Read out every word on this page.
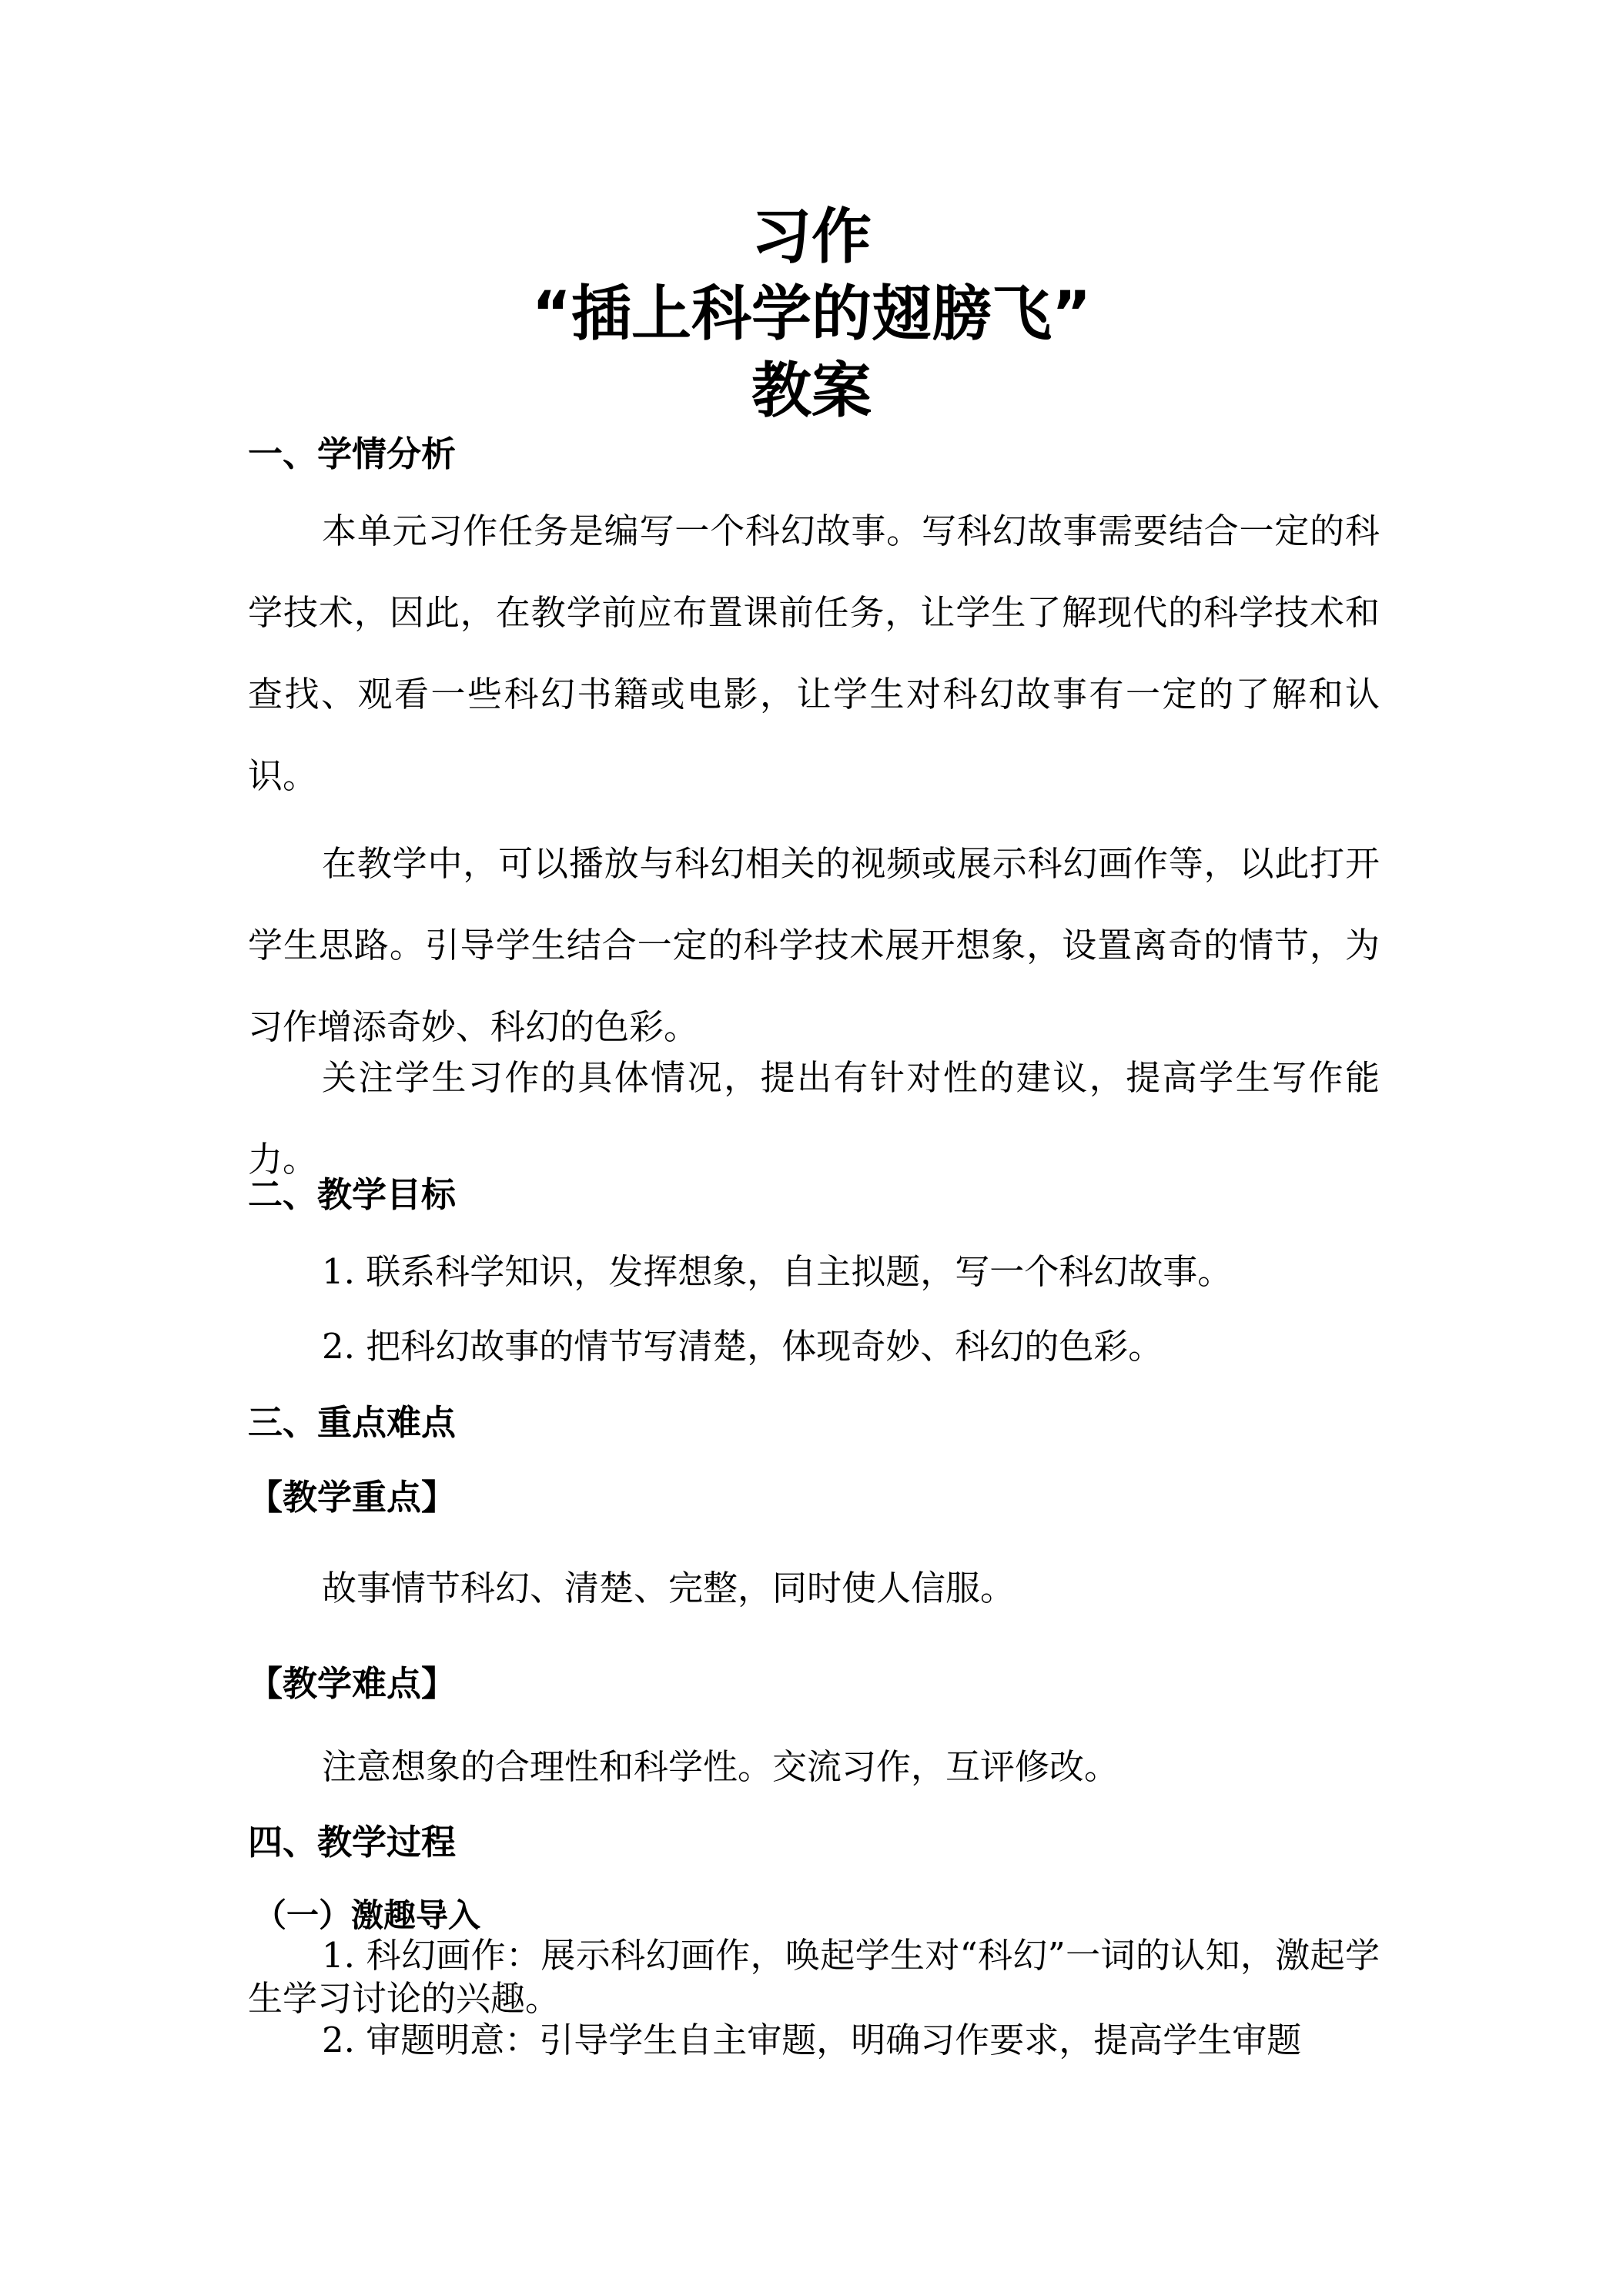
习作
“插上科学的翅膀飞”
教案
一、学情分析

本单元习作任务是编写一个科幻故事。写科幻故事需要结合一定的科学技术，因此，在教学前应布置课前任务，让学生了解现代的科学技术和查找、观看一些科幻书籍或电影，让学生对科幻故事有一定的了解和认识。

在教学中，可以播放与科幻相关的视频或展示科幻画作等，以此打开学生思路。引导学生结合一定的科学技术展开想象，设置离奇的情节，为习作增添奇妙、科幻的色彩。

关注学生习作的具体情况，提出有针对性的建议，提高学生写作能力。

二、教学目标

1. 联系科学知识，发挥想象，自主拟题，写一个科幻故事。

2. 把科幻故事的情节写清楚，体现奇妙、科幻的色彩。

三、重点难点

【教学重点】

故事情节科幻、清楚、完整，同时使人信服。

【教学难点】

注意想象的合理性和科学性。交流习作，互评修改。

四、教学过程

（一）激趣导入

1. 科幻画作：展示科幻画作，唤起学生对“科幻”一词的认知，激起学生学习讨论的兴趣。

2. 审题明意：引导学生自主审题，明确习作要求，提高学生审题
